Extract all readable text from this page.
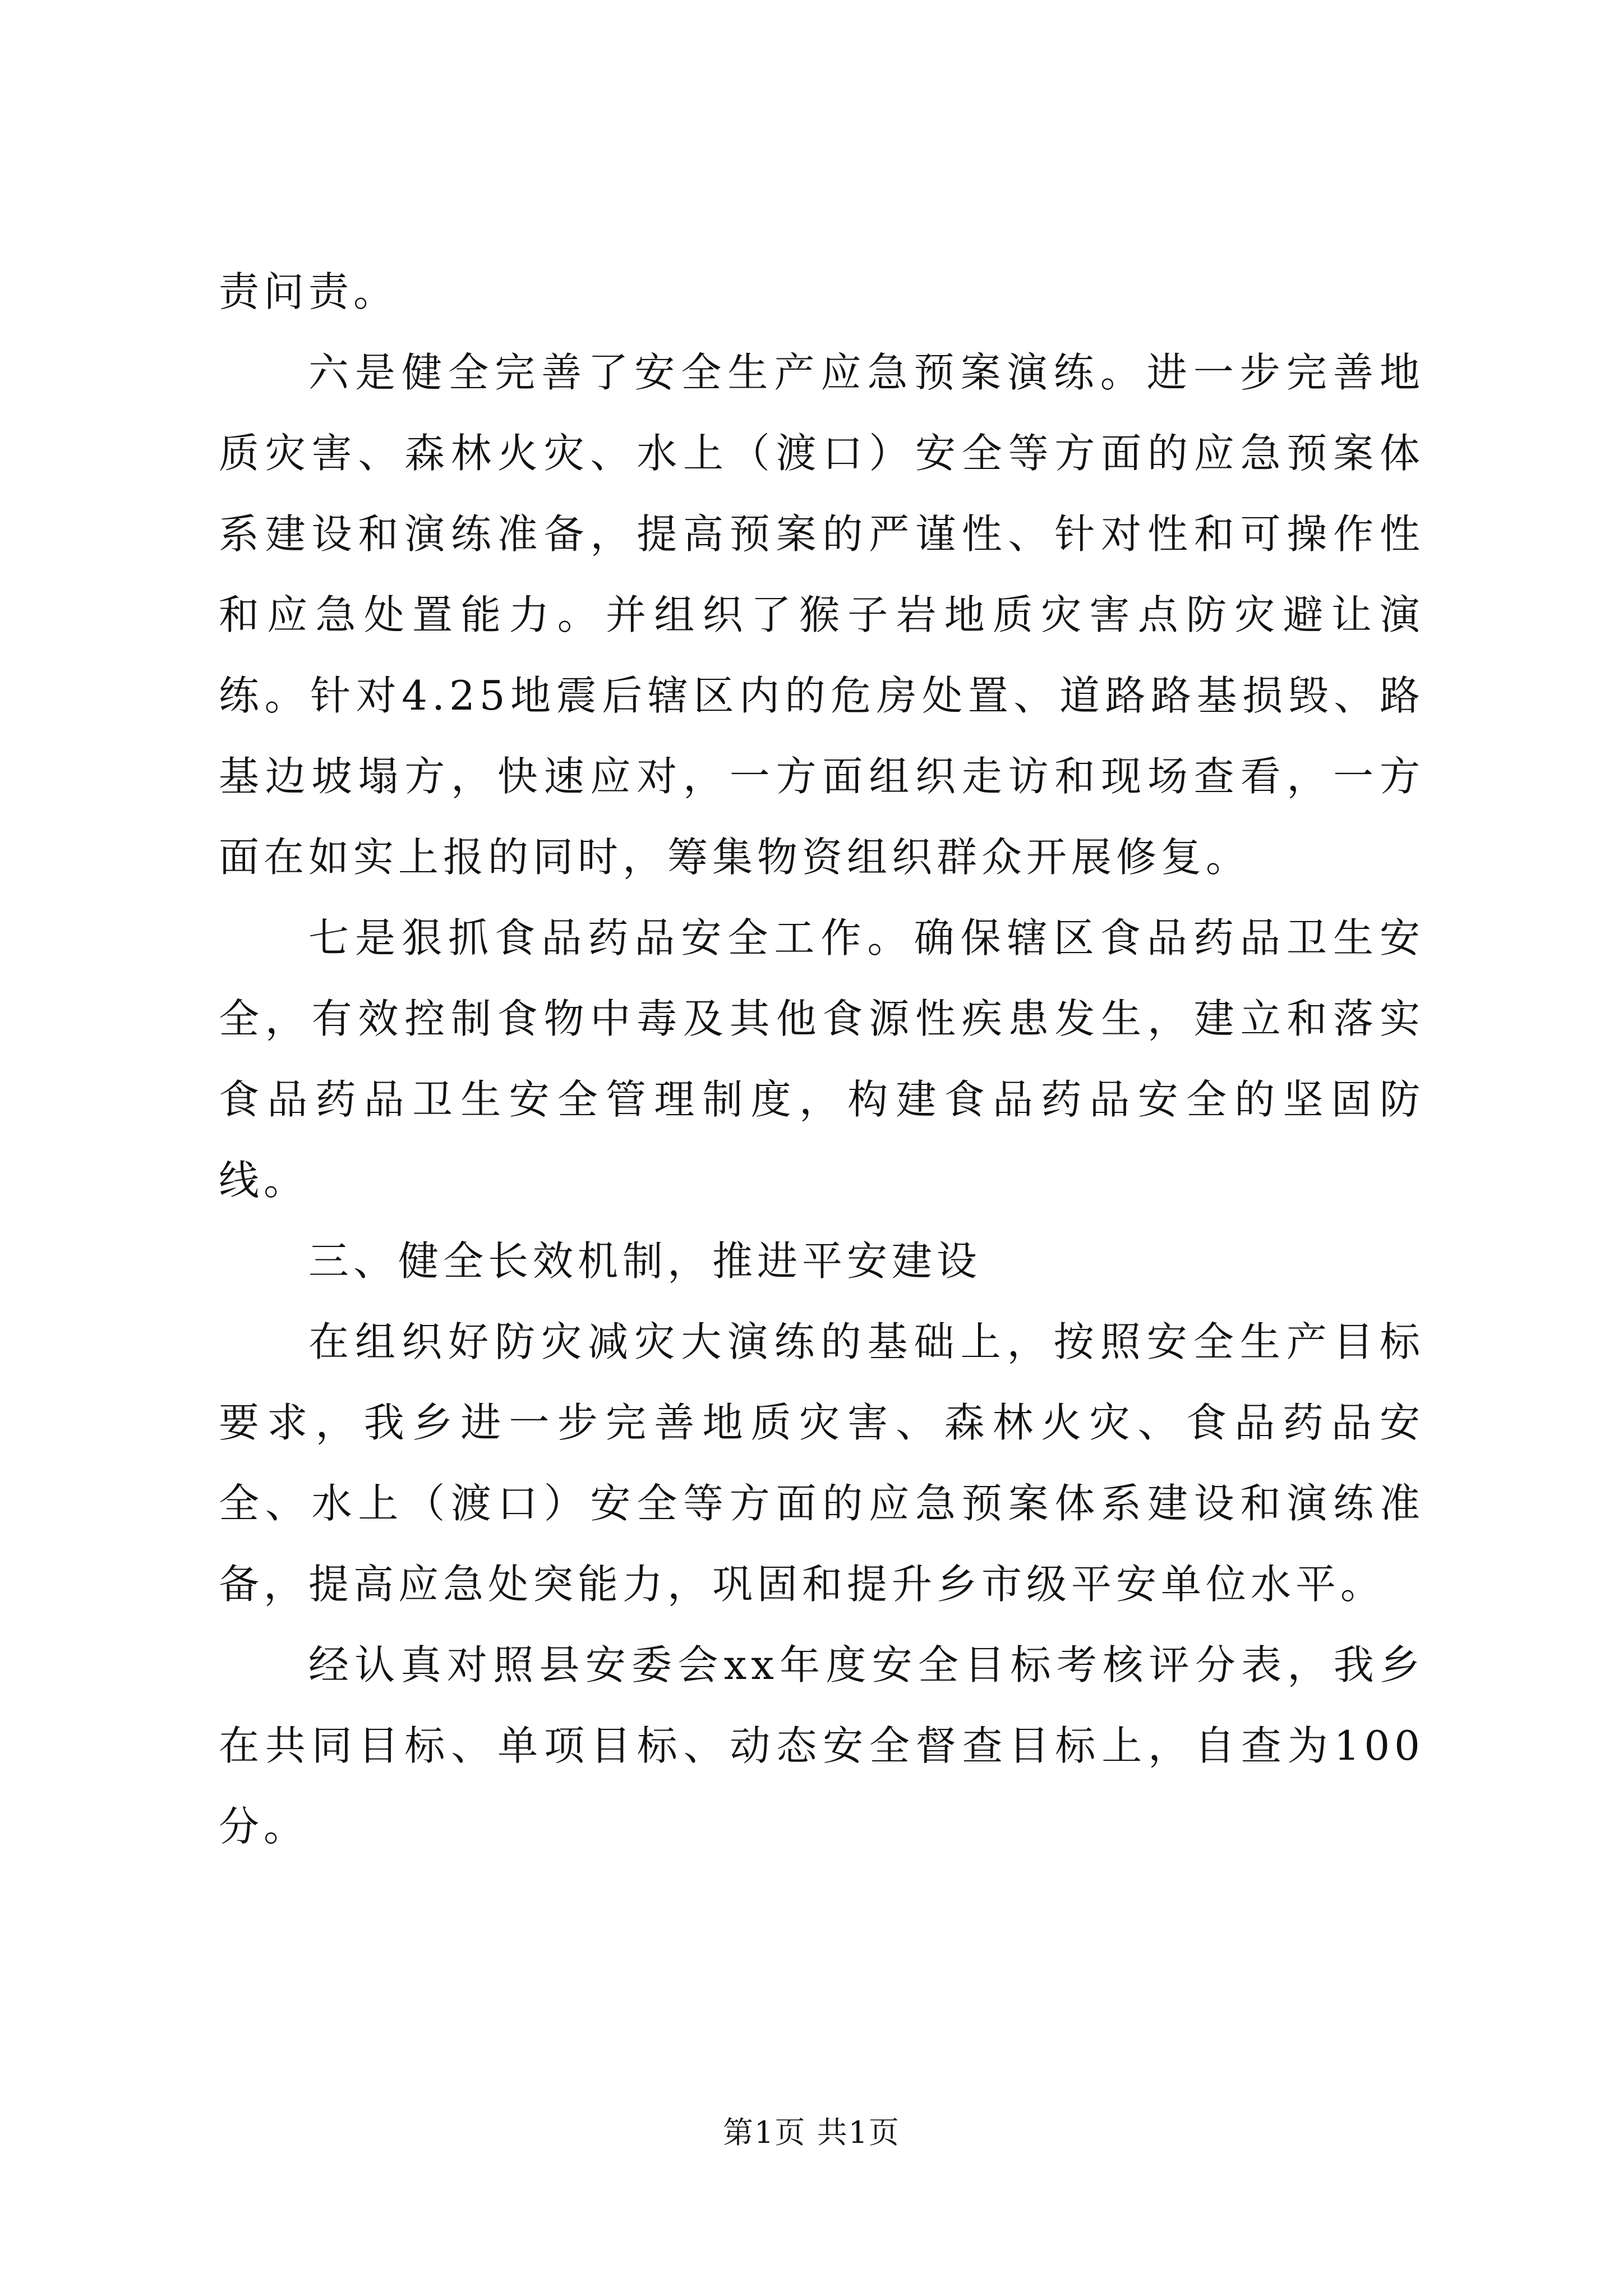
责问责。

六是健全完善了安全生产应急预案演练。进一步完善地质灾害、森林火灾、水上（渡口）安全等方面的应急预案体系建设和演练准备，提高预案的严谨性、针对性和可操作性和应急处置能力。并组织了猴子岩地质灾害点防灾避让演练。针对4.25地震后辖区内的危房处置、道路路基损毁、路基边坡塌方，快速应对，一方面组织走访和现场查看，一方面在如实上报的同时，筹集物资组织群众开展修复。

七是狠抓食品药品安全工作。确保辖区食品药品卫生安全，有效控制食物中毒及其他食源性疾患发生，建立和落实食品药品卫生安全管理制度，构建食品药品安全的坚固防线。

三、健全长效机制，推进平安建设

在组织好防灾减灾大演练的基础上，按照安全生产目标要求，我乡进一步完善地质灾害、森林火灾、食品药品安全、水上（渡口）安全等方面的应急预案体系建设和演练准备，提高应急处突能力，巩固和提升乡市级平安单位水平。

经认真对照县安委会xx年度安全目标考核评分表，我乡在共同目标、单项目标、动态安全督查目标上，自查为100分。

第1页 共1页
